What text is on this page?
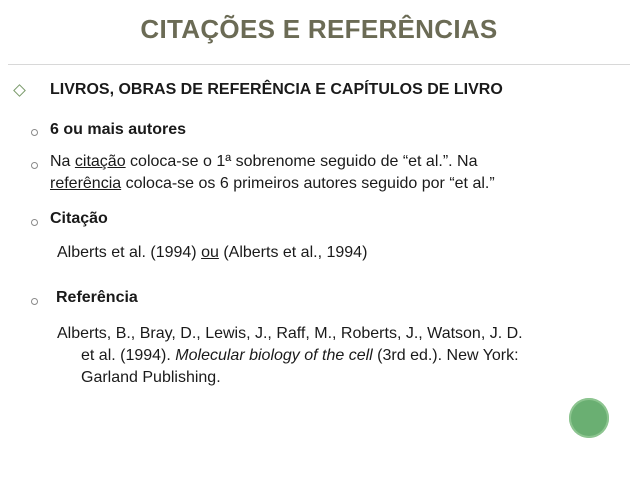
CITAÇÕES E REFERÊNCIAS
LIVROS, OBRAS DE REFERÊNCIA E CAPÍTULOS DE LIVRO
6 ou mais autores
Na citação coloca-se o 1ª sobrenome seguido de “et al.”. Na
referência coloca-se os 6 primeiros autores seguido por “et al.”
Citação
Alberts et al. (1994) ou (Alberts et al., 1994)
Referência
Alberts, B., Bray, D., Lewis, J., Raff, M., Roberts, J., Watson, J. D.
et al. (1994). Molecular biology of the cell (3rd ed.). New York:
Garland Publishing.
